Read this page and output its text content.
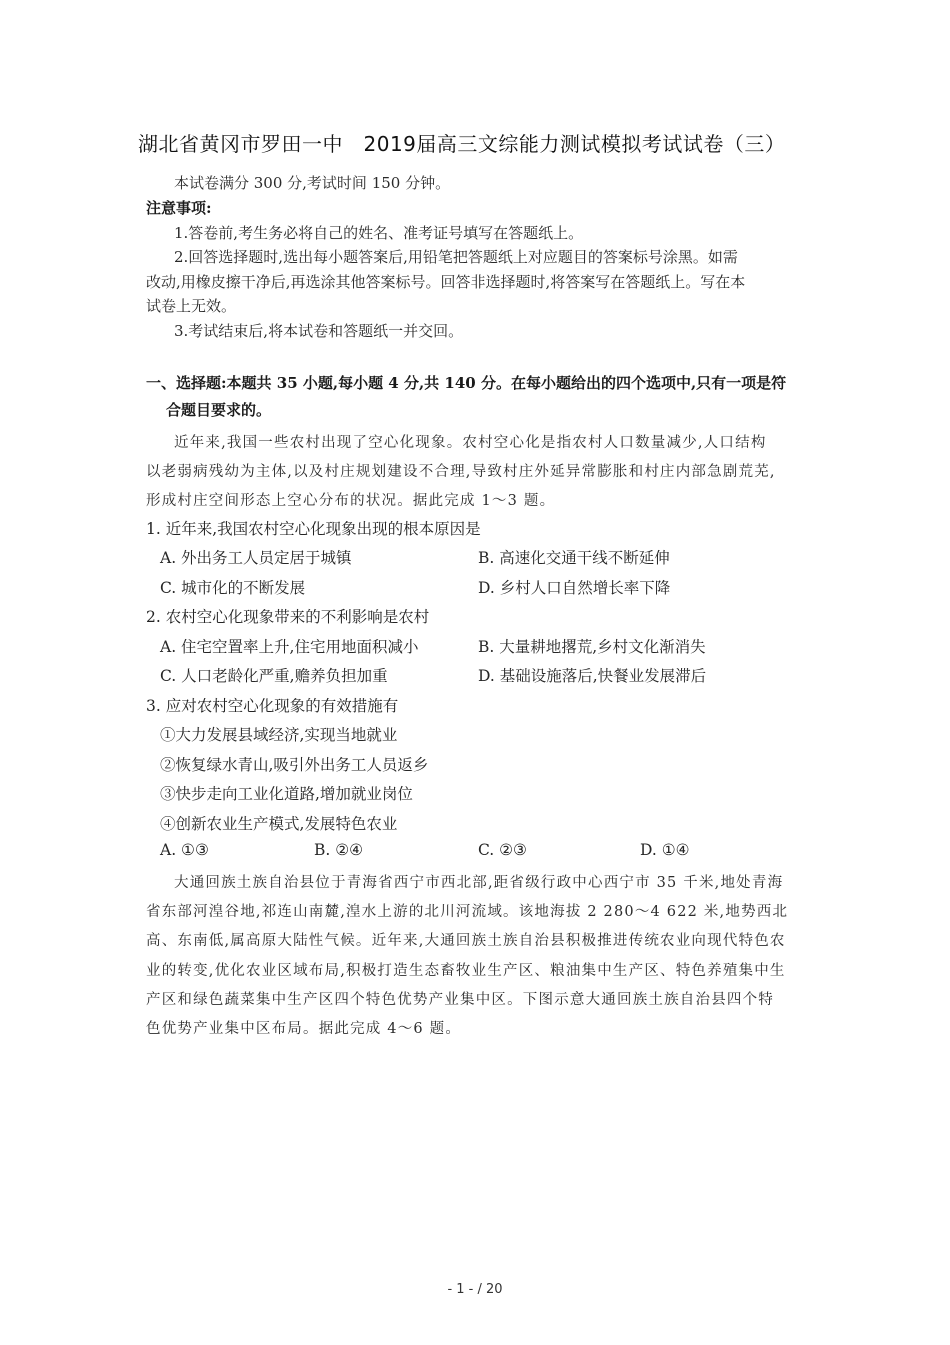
湖北省黄冈市罗田一中　2019届高三文综能力测试模拟考试试卷（三）
本试卷满分 300 分,考试时间 150 分钟。
注意事项:
1.答卷前,考生务必将自己的姓名、准考证号填写在答题纸上。
2.回答选择题时,选出每小题答案后,用铅笔把答题纸上对应题目的答案标号涂黑。如需
改动,用橡皮擦干净后,再选涂其他答案标号。回答非选择题时,将答案写在答题纸上。写在本
试卷上无效。
3.考试结束后,将本试卷和答题纸一并交回。
一、选择题:本题共 35 小题,每小题 4 分,共 140 分。在每小题给出的四个选项中,只有一项是符
合题目要求的。
近年来,我国一些农村出现了空心化现象。农村空心化是指农村人口数量减少,人口结构
以老弱病残幼为主体,以及村庄规划建设不合理,导致村庄外延异常膨胀和村庄内部急剧荒芜,
形成村庄空间形态上空心分布的状况。据此完成 1～3 题。
1. 近年来,我国农村空心化现象出现的根本原因是
A. 外出务工人员定居于城镇	B. 高速化交通干线不断延伸
C. 城市化的不断发展	D. 乡村人口自然增长率下降
2. 农村空心化现象带来的不利影响是农村
A. 住宅空置率上升,住宅用地面积减小	B. 大量耕地撂荒,乡村文化渐消失
C. 人口老龄化严重,赡养负担加重	D. 基础设施落后,快餐业发展滞后
3. 应对农村空心化现象的有效措施有
①大力发展县域经济,实现当地就业
②恢复绿水青山,吸引外出务工人员返乡
③快步走向工业化道路,增加就业岗位
④创新农业生产模式,发展特色农业
A. ①③	B. ②④	C. ②③	D. ①④
大通回族土族自治县位于青海省西宁市西北部,距省级行政中心西宁市 35 千米,地处青海
省东部河湟谷地,祁连山南麓,湟水上游的北川河流域。该地海拔 2 280～4 622 米,地势西北
高、东南低,属高原大陆性气候。近年来,大通回族土族自治县积极推进传统农业向现代特色农
业的转变,优化农业区域布局,积极打造生态畜牧业生产区、粮油集中生产区、特色养殖集中生
产区和绿色蔬菜集中生产区四个特色优势产业集中区。下图示意大通回族土族自治县四个特
色优势产业集中区布局。据此完成 4～6 题。
- 1 - / 20
